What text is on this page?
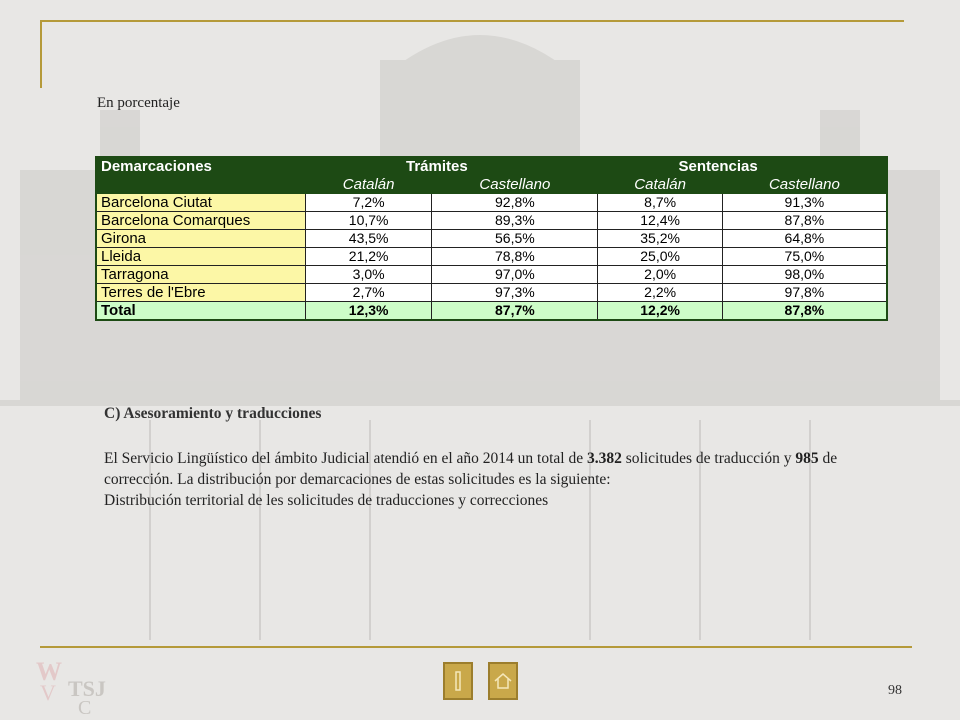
En porcentaje
Demarcaciones	Trámites		Sentencias	
	Catalán	Castellano	Catalán	Castellano
Barcelona Ciutat	7,2%	92,8%	8,7%	91,3%
Barcelona Comarques	10,7%	89,3%	12,4%	87,8%
Girona	43,5%	56,5%	35,2%	64,8%
Lleida	21,2%	78,8%	25,0%	75,0%
Tarragona	3,0%	97,0%	2,0%	98,0%
Terres de l'Ebre	2,7%	97,3%	2,2%	97,8%
Total	12,3%	87,7%	12,2%	87,8%
C) Asesoramiento y traducciones

El Servicio Lingüístico del ámbito Judicial atendió en el año 2014 un total de 3.382 solicitudes de traducción y 985 de corrección. La distribución por demarcaciones de estas solicitudes es la siguiente:

Distribución territorial de les solicitudes de traducciones y correcciones

W
V TSJ
C
98
